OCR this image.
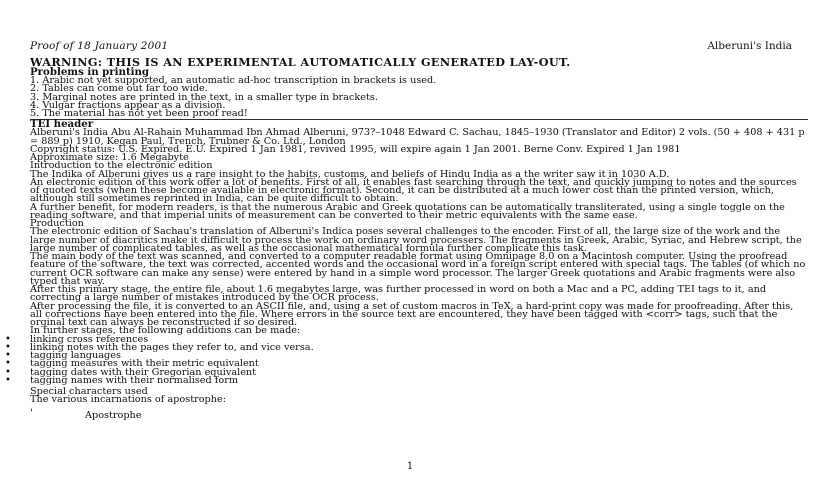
Proof of 18 January 2001	Alberuni's India

WARNING: THIS IS AN EXPERIMENTAL AUTOMATICALLY GENERATED LAY-OUT.

Problems in printing

1. Arabic not yet supported, an automatic ad-hoc transcription in brackets is used.
2. Tables can come out far too wide.
3. Marginal notes are printed in the text, in a smaller type in brackets.
4. Vulgar fractions appear as a division.
5. The material has not yet been proof read!

TEI header

Alberuni's India Abu Al-Rahain Muhammad Ibn Ahmad Alberuni, 973?–1048 Edward C. Sachau, 1845–1930 (Translator and Editor) 2 vols. (50 + 408 + 431 p = 889 p) 1910, Kegan Paul, Trench, Trubner & Co. Ltd., London

Copyright status: U.S. Expired. E.U. Expired 1 Jan 1981, revived 1995, will expire again 1 Jan 2001. Berne Conv. Expired 1 Jan 1981

Approximate size: 1.6 Megabyte

Introduction to the electronic edition

The Indika of Alberuni gives us a rare insight to the habits, customs, and beliefs of Hindu India as a the writer saw it in 1030 A.D.

An electronic edition of this work offer a lot of benefits. First of all, it enables fast searching through the text, and quickly jumping to notes and the sources of quoted texts (when these become available in electronic format). Second, it can be distributed at a much lower cost than the printed version, which, although still sometimes reprinted in India, can be quite difficult to obtain.

A further benefit, for modern readers, is that the numerous Arabic and Greek quotations can be automatically transliterated, using a single toggle on the reading software, and that imperial units of measurement can be converted to their metric equivalents with the same ease.

Production

The electronic edition of Sachau's translation of Alberuni's Indica poses several challenges to the encoder. First of all, the large size of the work and the large number of diacritics make it difficult to process the work on ordinary word processers. The fragments in Greek, Arabic, Syriac, and Hebrew script, the large number of complicated tables, as well as the occasional mathematical formula further complicate this task.

The main body of the text was scanned, and converted to a computer readable format using Omnipage 8.0 on a Macintosh computer. Using the proofread feature of the software, the text was corrected, accented words and the occasional word in a foreign script entered with special tags. The tables (of which no current OCR software can make any sense) were entered by hand in a simple word processor. The larger Greek quotations and Arabic fragments were also typed that way.

After this primary stage, the entire file, about 1.6 megabytes large, was further processed in word on both a Mac and a PC, adding TEI tags to it, and correcting a large number of mistakes introduced by the OCR process.

After processing the file, it is converted to an ASCII file, and, using a set of custom macros in TeX, a hard-print copy was made for proofreading. After this, all corrections have been entered into the file. Where errors in the source text are encountered, they have been tagged with <corr> tags, such that the orginal text can always be reconstructed if so desired.

In further stages, the following additions can be made:

• linking cross references
• linking notes with the pages they refer to, and vice versa.
• tagging languages
• tagging measures with their metric equivalent
• tagging dates with their Gregorian equivalent
• tagging names with their normalised form

Special characters used

The various incarnations of apostrophe:

'	Apostrophe
1
